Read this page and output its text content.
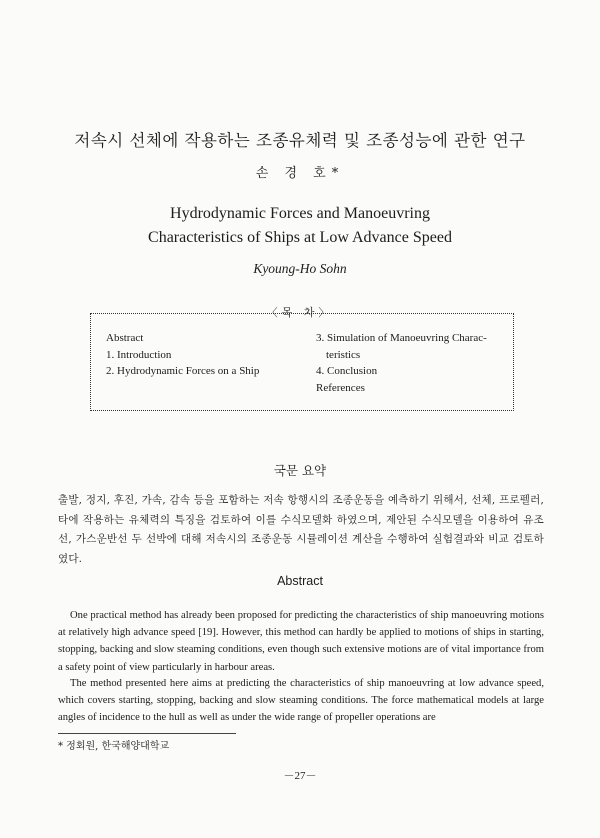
저속시 선체에 작용하는 조종유체력 및 조종성능에 관한 연구
손 경 호*
Hydrodynamic Forces and Manoeuvring
Characteristics of Ships at Low Advance Speed
Kyoung-Ho Sohn
〈목 차〉
Abstract
1. Introduction
2. Hydrodynamic Forces on a Ship
3. Simulation of Manoeuvring Charac-
teristics
4. Conclusion
References
국문 요약
출발, 정지, 후진, 가속, 감속 등을 포함하는 저속 항행시의 조종운동을 예측하기 위해서, 선체, 프로펠러, 타에 작용하는 유체력의 특징을 검토하여 이를 수식모델화 하였으며, 제안된 수식모델을 이용하여 유조선, 가스운반선 두 선박에 대해 저속시의 조종운동 시뮬레이션 계산을 수행하여 실험결과와 비교 검토하였다.
Abstract
One practical method has already been proposed for predicting the characteristics of ship manoeuvring motions at relatively high advance speed [19]. However, this method can hardly be applied to motions of ships in starting, stopping, backing and slow steaming conditions, even though such extensive motions are of vital importance from a safety point of view particularly in harbour areas.
The method presented here aims at predicting the characteristics of ship manoeuvring at low advance speed, which covers starting, stopping, backing and slow steaming conditions. The force mathematical models at large angles of incidence to the hull as well as under the wide range of propeller operations are
* 정회원, 한국해양대학교
－27－
